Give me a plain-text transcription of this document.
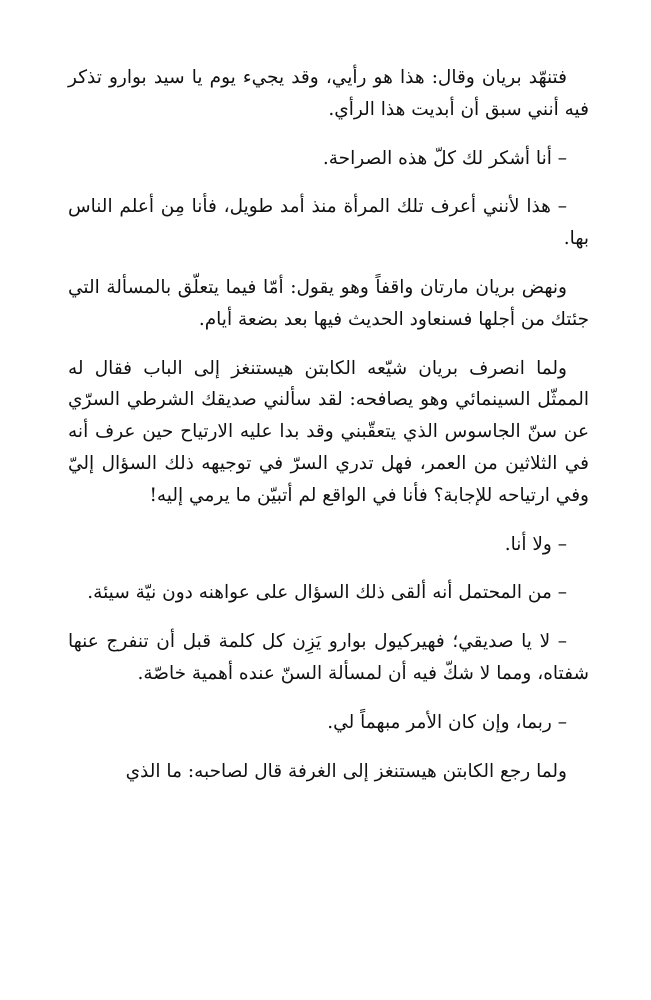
فتنهّد بريان وقال: هذا هو رأيي، وقد يجيء يوم يا سيد بوارو تذكر فيه أنني سبق أن أبديت هذا الرأي.

– أنا أشكر لك كلّ هذه الصراحة.

– هذا لأنني أعرف تلك المرأة منذ أمد طويل، فأنا مِن أعلم الناس بها.

ونهض بريان مارتان واقفاً وهو يقول: أمّا فيما يتعلّق بالمسألة التي جئتك من أجلها فسنعاود الحديث فيها بعد بضعة أيام.

ولما انصرف بريان شيّعه الكابتن هيستنغز إلى الباب فقال له الممثّل السينمائي وهو يصافحه: لقد سألني صديقك الشرطي السرّي عن سنّ الجاسوس الذي يتعقّبني وقد بدا عليه الارتياح حين عرف أنه في الثلاثين من العمر، فهل تدري السرّ في توجيهه ذلك السؤال إليّ وفي ارتياحه للإجابة؟ فأنا في الواقع لم أتبيّن ما يرمي إليه!

– ولا أنا.

– من المحتمل أنه ألقى ذلك السؤال على عواهنه دون نيّة سيئة.

– لا يا صديقي؛ فهيركيول بوارو يَزِن كل كلمة قبل أن تنفرج عنها شفتاه، ومما لا شكّ فيه أن لمسألة السنّ عنده أهمية خاصّة.

– ربما، وإن كان الأمر مبهماً لي.

ولما رجع الكابتن هيستنغز إلى الغرفة قال لصاحبه: ما الذي
